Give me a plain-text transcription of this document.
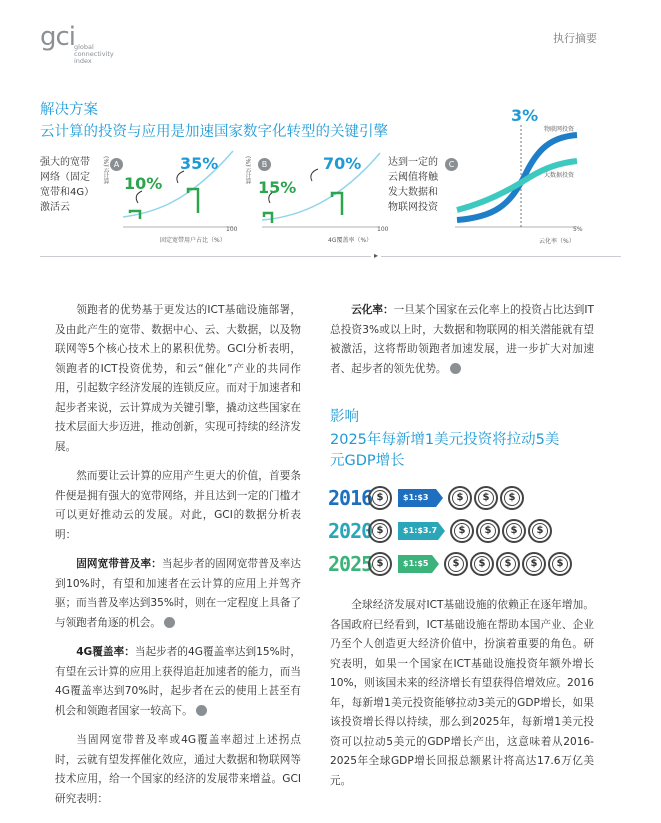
gci
global
connectivity
index
执行摘要
解决方案
云计算的投资与应用是加速国家数字化转型的关键引擎
强大的宽带
网络（固定
宽带和4G）
激活云
A
10%
35%
固定宽带用户占比（%）
100
B
(%)云计算
15%
70%
4G覆盖率（%）
100
(%)云计算	达到一定的
云阈值将触
发大数据和
物联网投资
C
3%
物联网投资
大数据投资
云化率（%）
5%
▸

领跑者的优势基于更发达的ICT基础设施部署，及由此产生的宽带、数据中心、云、大数据，以及物联网等5个核心技术上的累积优势。GCI分析表明，领跑者的ICT投资优势，和云“催化”产业的共同作用，引起数字经济发展的连锁反应。而对于加速者和起步者来说，云计算成为关键引擎，撬动这些国家在技术层面大步迈进，推动创新，实现可持续的经济发展。

然而要让云计算的应用产生更大的价值，首要条件便是拥有强大的宽带网络，并且达到一定的门槛才可以更好推动云的发展。对此，GCI的数据分析表明：

固网宽带普及率：当起步者的固网宽带普及率达到10%时，有望和加速者在云计算的应用上并驾齐驱；而当普及率达到35%时，则在一定程度上具备了与领跑者角逐的机会。	A

4G覆盖率：当起步者的4G覆盖率达到15%时，有望在云计算的应用上获得追赶加速者的能力，而当4G覆盖率达到70%时，起步者在云的使用上甚至有机会和领跑者国家一较高下。	B

当固网宽带普及率或4G覆盖率超过上述拐点时，云就有望发挥催化效应，通过大数据和物联网等技术应用，给一个国家的经济的发展带来增益。GCI研究表明：

云化率：一旦某个国家在云化率上的投资占比达到IT总投资3%或以上时，大数据和物联网的相关潜能就有望被激活，这将帮助领跑者加速发展，进一步扩大对加速者、起步者的领先优势。	C

影响
2025年每新增1美元投资将拉动5美
元GDP增长
2016 $	$1:$3	$	$	$
2020 $	$1:$3.7	$	$	$	$
2025 $	$1:$5	$	$	$	$	$

全球经济发展对ICT基础设施的依赖正在逐年增加。各国政府已经看到，ICT基础设施在帮助本国产业、企业乃至个人创造更大经济价值中，扮演着重要的角色。研究表明，如果一个国家在ICT基础设施投资年额外增长10%，则该国未来的经济增长有望获得倍增效应。2016年，每新增1美元投资能够拉动3美元的GDP增长，如果该投资增长得以持续，那么到2025年，每新增1美元投资可以拉动5美元的GDP增长产出，这意味着从2016-2025年全球GDP增长回报总额累计将高达17.6万亿美元。
